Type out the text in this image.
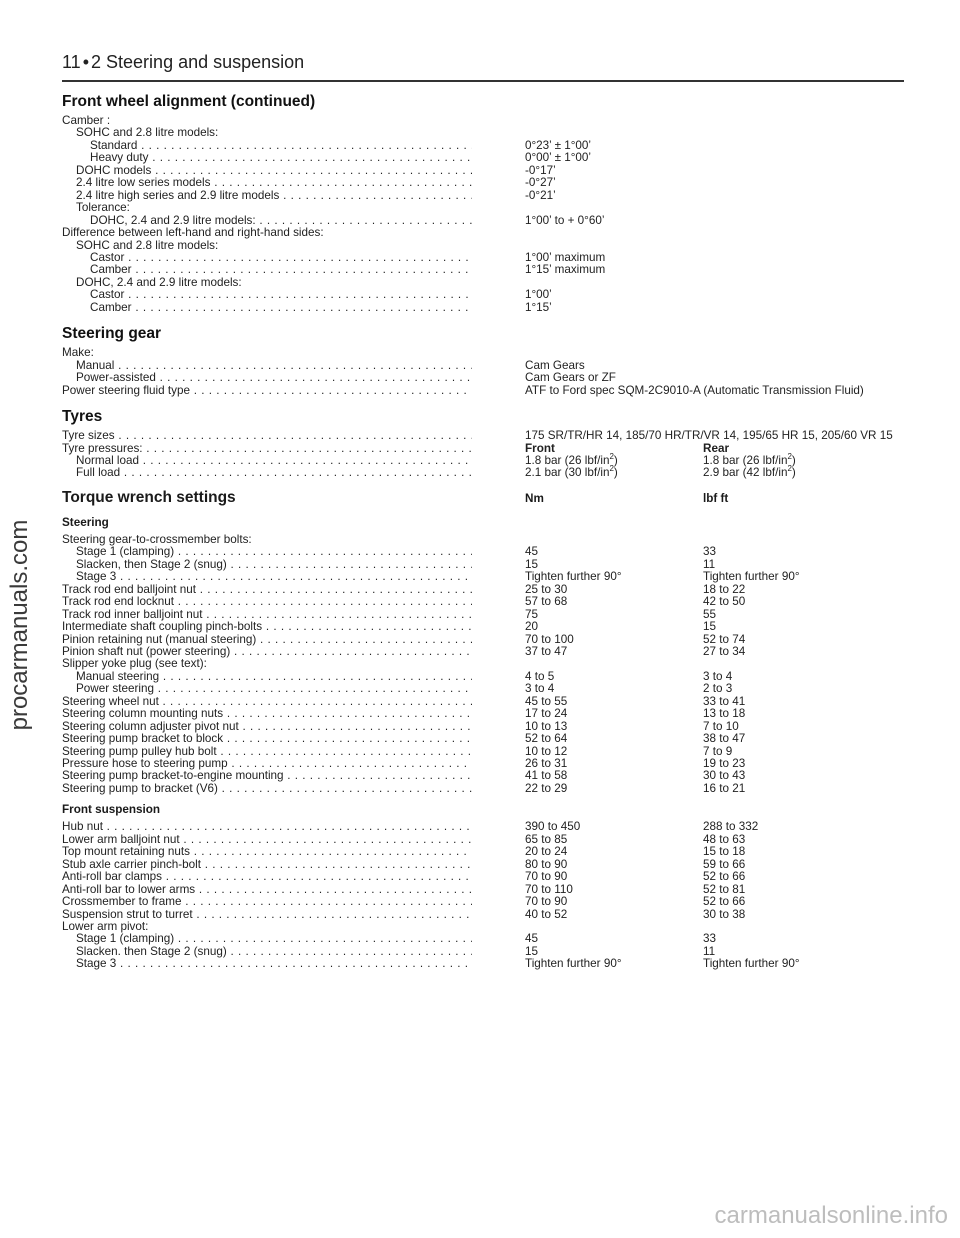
11 • 2 Steering and suspension
procarmanuals.com
Front wheel alignment (continued)
Camber :
SOHC and 2.8 litre models:
Standard . . .	0°23’ ± 1°00’
Heavy duty . . .	0°00’ ± 1°00’
DOHC models . . .	-0°17’
2.4 litre low series models . . .	-0°27’
2.4 litre high series and 2.9 litre models . . .	-0°21’
Tolerance:
DOHC, 2.4 and 2.9 litre models: . . .	1°00’ to + 0°60’
Difference between left-hand and right-hand sides:
SOHC and 2.8 litre models:
Castor . . .	1°00’ maximum
Camber . . .	1°15’ maximum
DOHC, 2.4 and 2.9 litre models:
Castor . . .	1°00’
Camber . . .	1°15’
Steering gear
Make:
Manual . . .	Cam Gears
Power-assisted . . .	Cam Gears or ZF
Power steering fluid type . . .	ATF to Ford spec SQM-2C9010-A (Automatic Transmission Fluid)
Tyres
Tyre sizes . . .	175 SR/TR/HR 14, 185/70 HR/TR/VR 14, 195/65 HR 15, 205/60 VR 15
Tyre pressures: . . .	Front	Rear
Normal load . . .	1.8 bar (26 lbf/$in^2$)	1.8 bar (26 lbf/$in^2$)
Full load . . .	2.1 bar (30 lbf/$in^2$)	2.9 bar (42 lbf/$in^2$)
Torque wrench settings	Nm	lbf ft
Steering
Steering gear-to-crossmember bolts:
Stage 1 (clamping) . . .	45	33
Slacken, then Stage 2 (snug) . . .	15	11
Stage 3 . . .	Tighten further 90°	Tighten further 90°
Track rod end balljoint nut . . .	25 to 30	18 to 22
Track rod end locknut . . .	57 to 68	42 to 50
Track rod inner balljoint nut . . .	75	55
Intermediate shaft coupling pinch-bolts . . .	20	15
Pinion retaining nut (manual steering) . . .	70 to 100	52 to 74
Pinion shaft nut (power steering) . . .	37 to 47	27 to 34
Slipper yoke plug (see text):
Manual steering . . .	4 to 5	3 to 4
Power steering . . .	3 to 4	2 to 3
Steering wheel nut . . .	45 to 55	33 to 41
Steering column mounting nuts . . .	17 to 24	13 to 18
Steering column adjuster pivot nut . . .	10 to 13	7 to 10
Steering pump bracket to block . . .	52 to 64	38 to 47
Steering pump pulley hub bolt . . .	10 to 12	7 to 9
Pressure hose to steering pump . . .	26 to 31	19 to 23
Steering pump bracket-to-engine mounting . . .	41 to 58	30 to 43
Steering pump to bracket (V6) . . .	22 to 29	16 to 21
Front suspension
Hub nut . . .	390 to 450	288 to 332
Lower arm balljoint nut . . .	65 to 85	48 to 63
Top mount retaining nuts . . .	20 to 24	15 to 18
Stub axle carrier pinch-bolt . . .	80 to 90	59 to 66
Anti-roll bar clamps . . .	70 to 90	52 to 66
Anti-roll bar to lower arms . . .	70 to 110	52 to 81
Crossmember to frame . . .	70 to 90	52 to 66
Suspension strut to turret . . .	40 to 52	30 to 38
Lower arm pivot:
Stage 1 (clamping) . . .	45	33
Slacken. then Stage 2 (snug) . . .	15	11
Stage 3 . . .	Tighten further 90°	Tighten further 90°
carmanualsonline.info
